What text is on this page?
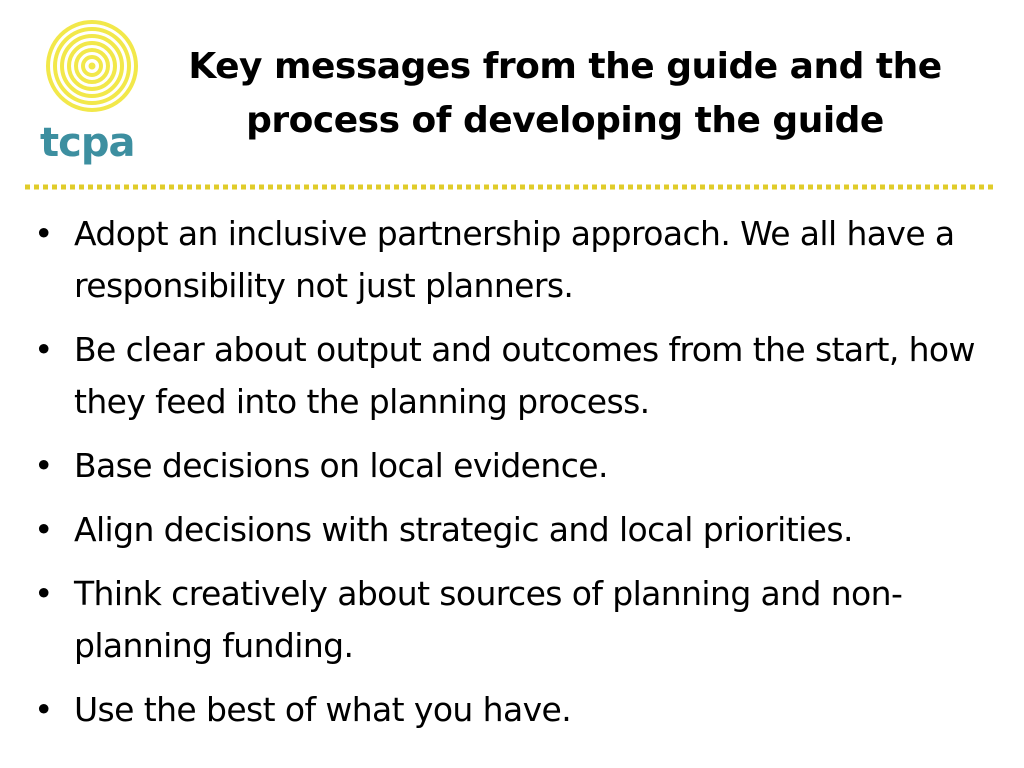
tcpa
Key messages from the guide and the
process of developing the guide
• Adopt an inclusive partnership approach. We all have a responsibility not just planners.
• Be clear about output and outcomes from the start, how they feed into the planning process.
• Base decisions on local evidence.
• Align decisions with strategic and local priorities.
• Think creatively about sources of planning and non-planning funding.
• Use the best of what you have.
